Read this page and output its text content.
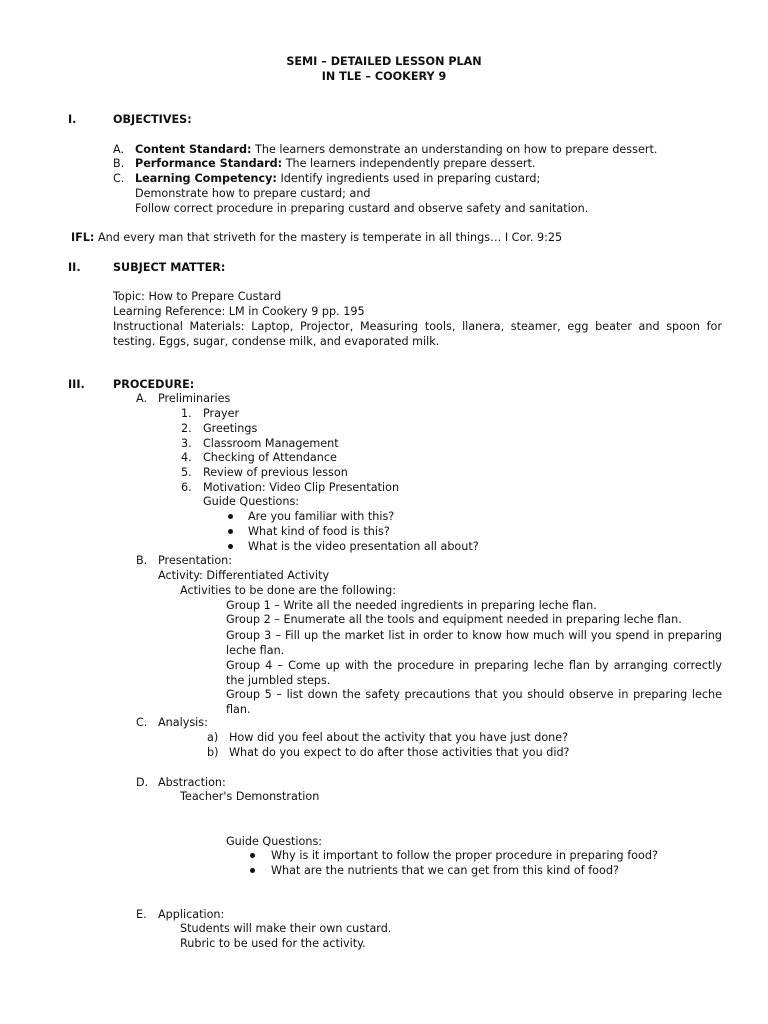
SEMI – DETAILED LESSON PLAN
IN TLE – COOKERY 9
I.	OBJECTIVES:
A. Content Standard: The learners demonstrate an understanding on how to prepare dessert.
B. Performance Standard: The learners independently prepare dessert.
C. Learning Competency: Identify ingredients used in preparing custard;
Demonstrate how to prepare custard; and
Follow correct procedure in preparing custard and observe safety and sanitation.
IFL: And every man that striveth for the mastery is temperate in all things… I Cor. 9:25
II.	SUBJECT MATTER:
Topic: How to Prepare Custard
Learning Reference: LM in Cookery 9 pp. 195
Instructional Materials: Laptop, Projector, Measuring tools, llanera, steamer, egg beater and spoon for testing. Eggs, sugar, condense milk, and evaporated milk.
III.	PROCEDURE:
A. Preliminaries
1. Prayer
2. Greetings
3. Classroom Management
4. Checking of Attendance
5. Review of previous lesson
6. Motivation: Video Clip Presentation
Guide Questions:
Are you familiar with this?
What kind of food is this?
What is the video presentation all about?
B. Presentation:
Activity: Differentiated Activity
Activities to be done are the following:
Group 1 – Write all the needed ingredients in preparing leche flan.
Group 2 – Enumerate all the tools and equipment needed in preparing leche flan.
Group 3 – Fill up the market list in order to know how much will you spend in preparing leche flan.
Group 4 – Come up with the procedure in preparing leche flan by arranging correctly the jumbled steps.
Group 5 – list down the safety precautions that you should observe in preparing leche flan.
C. Analysis:
a) How did you feel about the activity that you have just done?
b) What do you expect to do after those activities that you did?
D. Abstraction:
Teacher's Demonstration
Guide Questions:
Why is it important to follow the proper procedure in preparing food?
What are the nutrients that we can get from this kind of food?
E. Application:
Students will make their own custard.
Rubric to be used for the activity.
